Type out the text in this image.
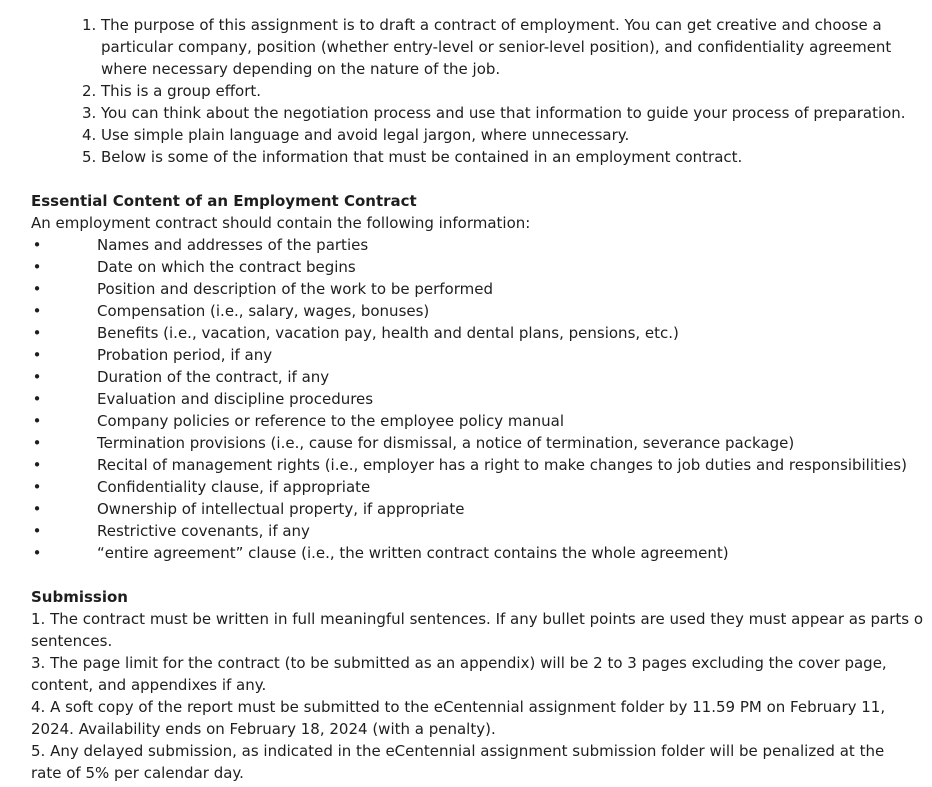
1. The purpose of this assignment is to draft a contract of employment. You can get creative and choose a particular company, position (whether entry-level or senior-level position), and confidentiality agreement where necessary depending on the nature of the job.
2. This is a group effort.
3. You can think about the negotiation process and use that information to guide your process of preparation.
4. Use simple plain language and avoid legal jargon, where unnecessary.
5. Below is some of the information that must be contained in an employment contract.
Essential Content of an Employment Contract
An employment contract should contain the following information:
•	Names and addresses of the parties
•	Date on which the contract begins
•	Position and description of the work to be performed
•	Compensation (i.e., salary, wages, bonuses)
•	Benefits (i.e., vacation, vacation pay, health and dental plans, pensions, etc.)
•	Probation period, if any
•	Duration of the contract, if any
•	Evaluation and discipline procedures
•	Company policies or reference to the employee policy manual
•	Termination provisions (i.e., cause for dismissal, a notice of termination, severance package)
•	Recital of management rights (i.e., employer has a right to make changes to job duties and responsibilities)
•	Confidentiality clause, if appropriate
•	Ownership of intellectual property, if appropriate
•	Restrictive covenants, if any
•	“entire agreement” clause (i.e., the written contract contains the whole agreement)
Submission
1. The contract must be written in full meaningful sentences. If any bullet points are used they must appear as parts o
sentences.
3. The page limit for the contract (to be submitted as an appendix) will be 2 to 3 pages excluding the cover page, content, and appendixes if any.
4. A soft copy of the report must be submitted to the eCentennial assignment folder by 11.59 PM on February 11, 2024. Availability ends on February 18, 2024 (with a penalty).
5. Any delayed submission, as indicated in the eCentennial assignment submission folder will be penalized at the rate of 5% per calendar day.
